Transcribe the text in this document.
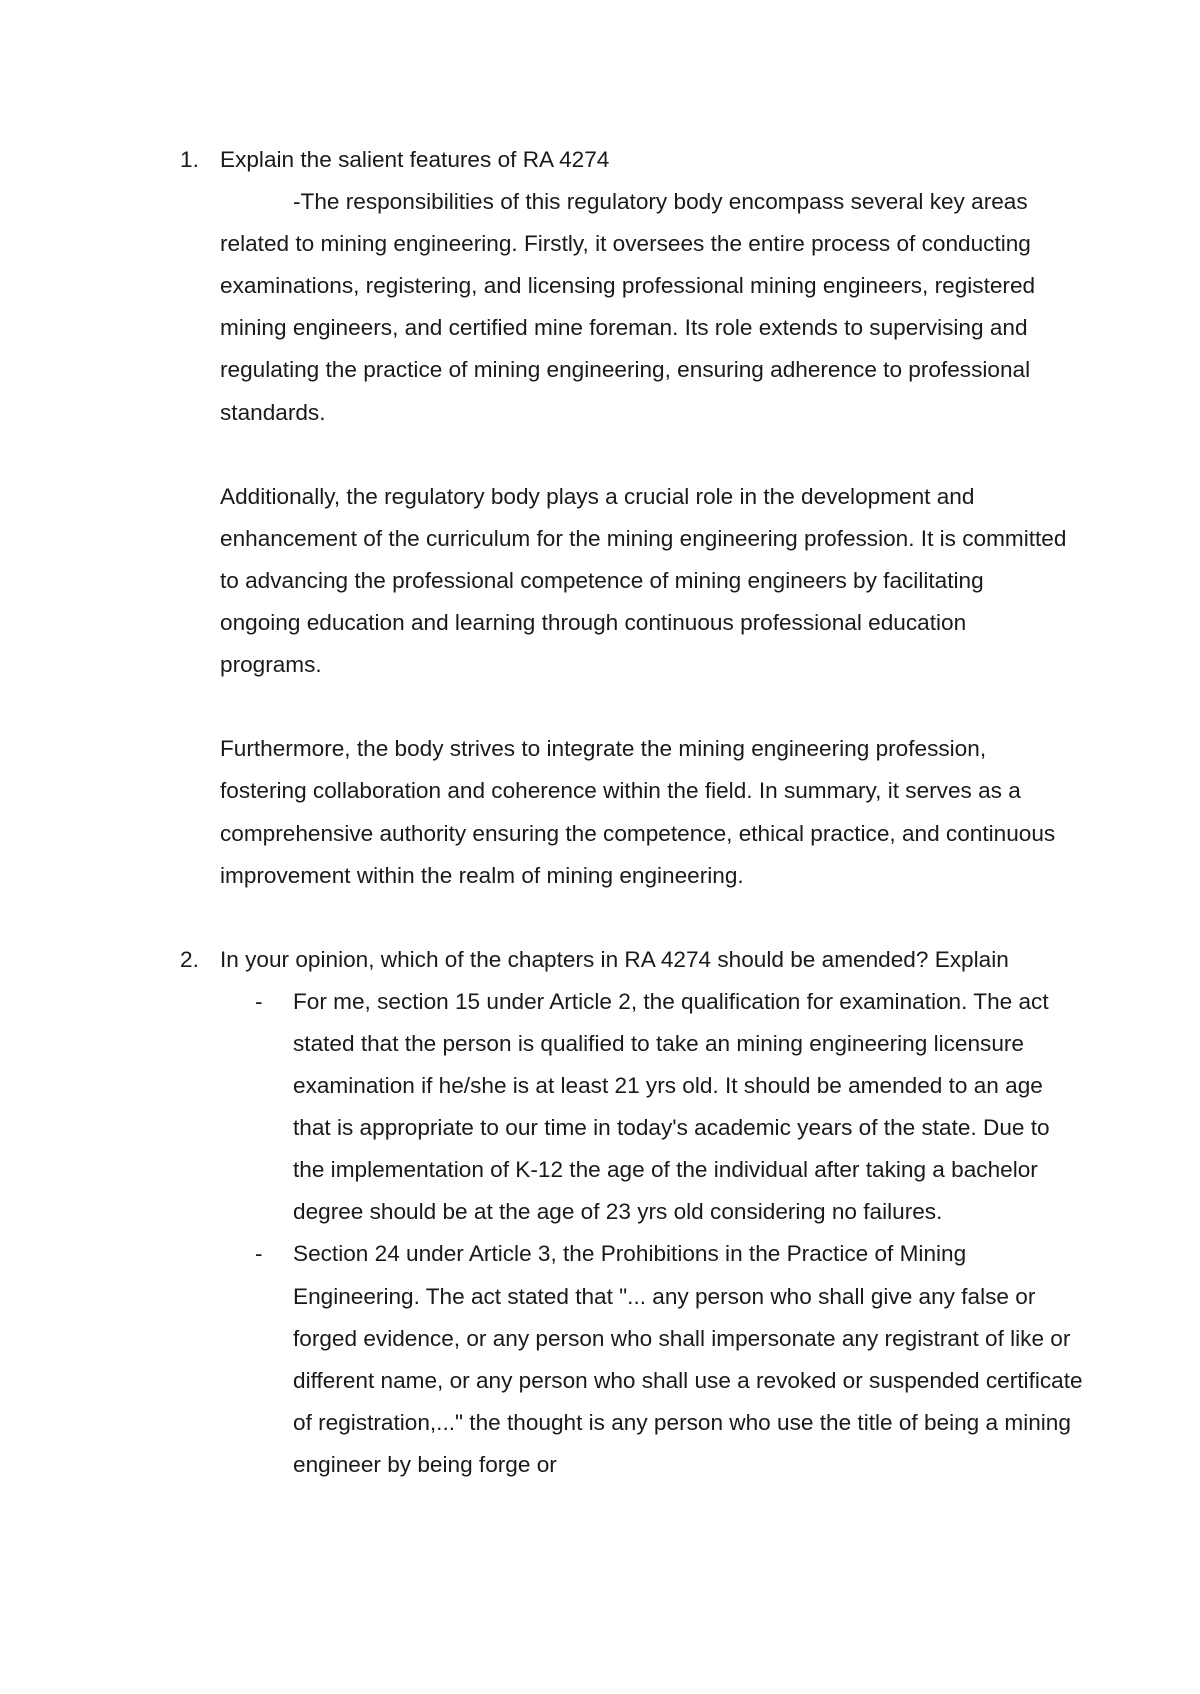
1. Explain the salient features of RA 4274

-The responsibilities of this regulatory body encompass several key areas related to mining engineering. Firstly, it oversees the entire process of conducting examinations, registering, and licensing professional mining engineers, registered mining engineers, and certified mine foreman. Its role extends to supervising and regulating the practice of mining engineering, ensuring adherence to professional standards.

Additionally, the regulatory body plays a crucial role in the development and enhancement of the curriculum for the mining engineering profession. It is committed to advancing the professional competence of mining engineers by facilitating ongoing education and learning through continuous professional education programs.

Furthermore, the body strives to integrate the mining engineering profession, fostering collaboration and coherence within the field. In summary, it serves as a comprehensive authority ensuring the competence, ethical practice, and continuous improvement within the realm of mining engineering.

2. In your opinion, which of the chapters in RA 4274 should be amended? Explain
- For me, section 15 under Article 2, the qualification for examination. The act stated that the person is qualified to take an mining engineering licensure examination if he/she is at least 21 yrs old. It should be amended to an age that is appropriate to our time in today's academic years of the state. Due to the implementation of K-12 the age of the individual after taking a bachelor degree should be at the age of 23 yrs old considering no failures.
- Section 24 under Article 3, the Prohibitions in the Practice of Mining Engineering. The act stated that "... any person who shall give any false or forged evidence, or any person who shall impersonate any registrant of like or different name, or any person who shall use a revoked or suspended certificate of registration,..." the thought is any person who use the title of being a mining engineer by being forge or
